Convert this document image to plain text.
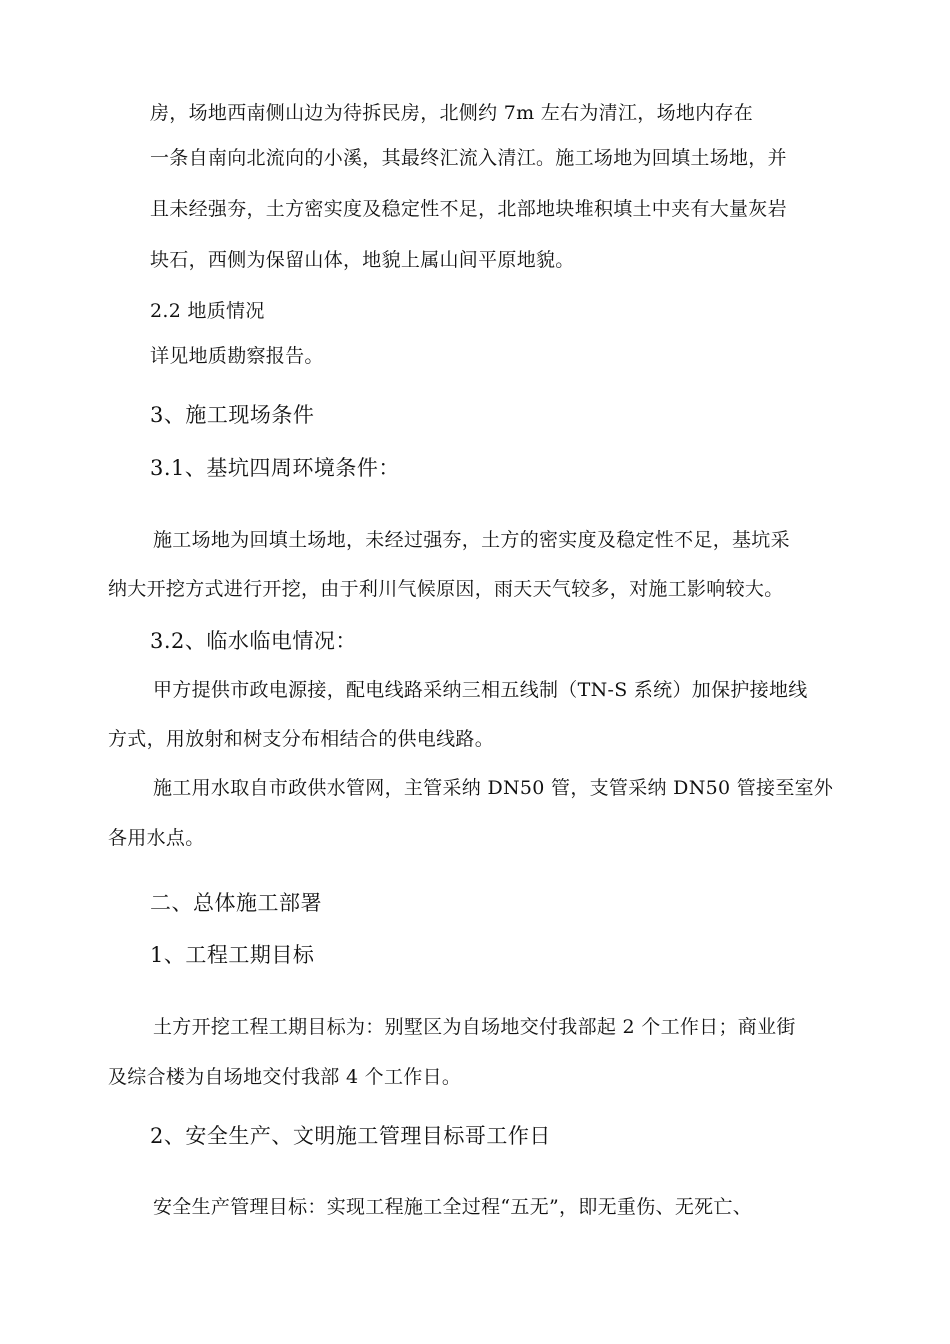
房，场地西南侧山边为待拆民房，北侧约 7m 左右为清江，场地内存在
一条自南向北流向的小溪，其最终汇流入清江。施工场地为回填土场地，并
且未经强夯，土方密实度及稳定性不足，北部地块堆积填土中夹有大量灰岩
块石，西侧为保留山体，地貌上属山间平原地貌。
2.2 地质情况
详见地质勘察报告。
3、施工现场条件
3.1、基坑四周环境条件：
施工场地为回填土场地，未经过强夯，土方的密实度及稳定性不足，基坑采
纳大开挖方式进行开挖，由于利川气候原因，雨天天气较多，对施工影响较大。
3.2、临水临电情况：
甲方提供市政电源接，配电线路采纳三相五线制（TN-S 系统）加保护接地线
方式，用放射和树支分布相结合的供电线路。
施工用水取自市政供水管网，主管采纳 DN50 管，支管采纳 DN50 管接至室外
各用水点。
二、总体施工部署
1、工程工期目标
土方开挖工程工期目标为：别墅区为自场地交付我部起 2 个工作日；商业街
及综合楼为自场地交付我部 4 个工作日。
2、安全生产、文明施工管理目标哥工作日
安全生产管理目标：实现工程施工全过程“五无”，即无重伤、无死亡、
